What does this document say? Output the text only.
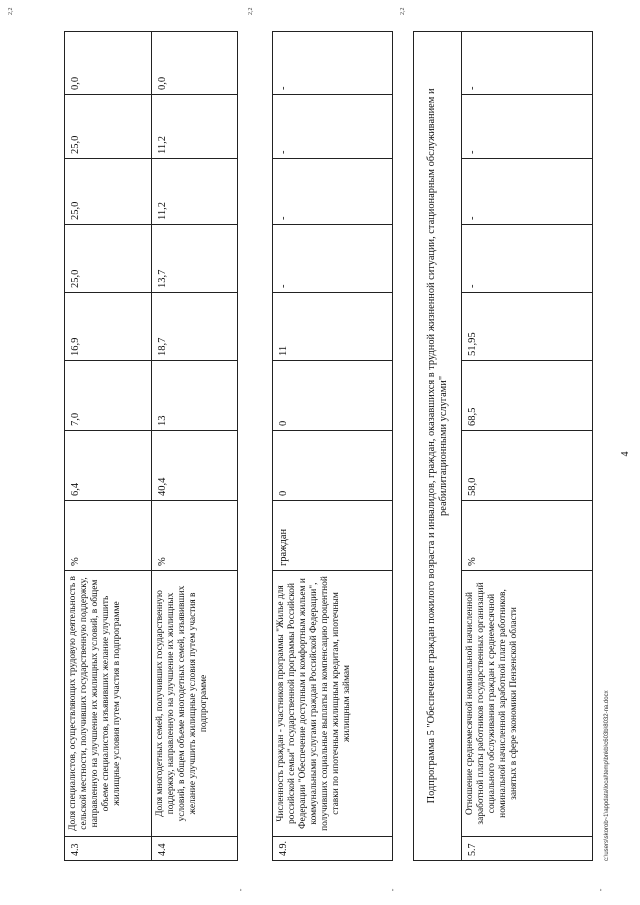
2,2	2,2	2,2
"	"	"
4.3	Доля специалистов, осуществляющих трудовую деятельность в сельской местности, получивших государственную поддержку, направленную на улучшение их жилищных условий, в общем объеме специалистов, изъявивших желание улучшить жилищные условия путем участия в подпрограмме	%	6,4	7,0	16,9	25,0	25,0	25,0	0,0
4.4	Доля многодетных семей, получивших государственную поддержку, направленную на улучшение их жилищных условий, в общем объеме многодетных семей, изъявивших желание улучшить жилищные условия путем участия в подпрограмме	%	40,4	13	18,7	13,7	11,2	11,2	0,0
4.9.	Численность граждан - участников программы "Жилье для российской семьи" государственной программы Российской Федерации "Обеспечение доступным и комфортным жильем и коммунальными услугами граждан Российской Федерации", получивших социальные выплаты на компенсацию процентной ставки по ипотечным жилищным кредитам, ипотечным жилищным займам	граждан	0	0	11	-	-	-	-
Подпрограмма 5 "Обеспечение граждан пожилого возраста и инвалидов, граждан, оказавшихся в трудной жизненной ситуации, стационарным обслуживанием и реабилитационными услугами"
5.7	Отношение среднемесячной номинальной начисленной заработной платы работников государственных организаций социального обслуживания граждан к среднемесячной номинальной начисленной заработной плате работников, занятых в сфере экономики Пензенской области	%	58,0	68,5	51,95	-	-	-	-
4
c:\users\skorob~1\appdata\local\temp\bnkb\c603b\8032-na.docx
